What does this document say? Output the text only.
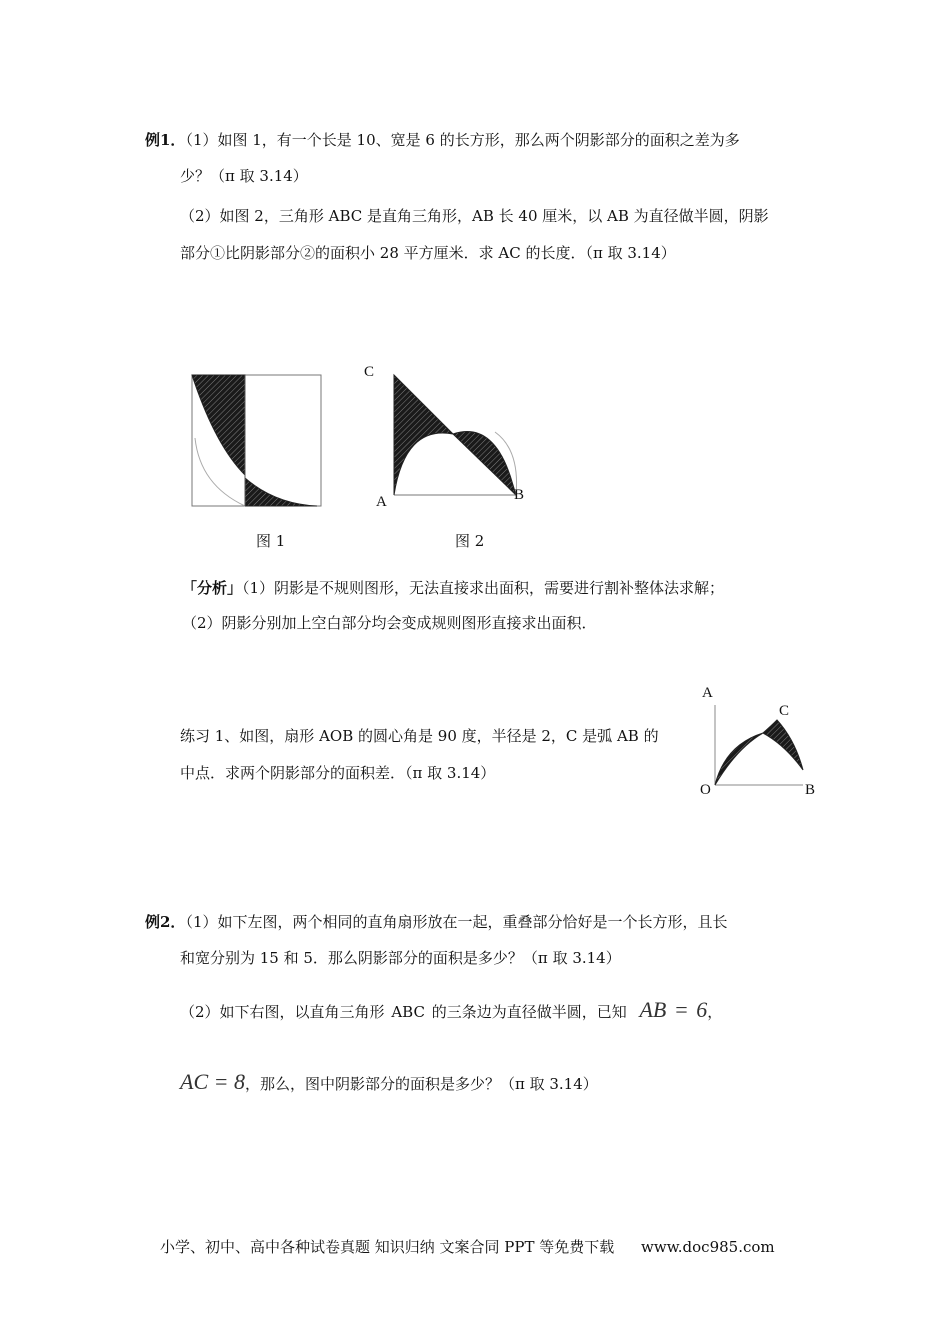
例1．（1）如图 1，有一个长是 10、宽是 6 的长方形，那么两个阴影部分的面积之差为多
少？（π 取 3.14）
（2）如图 2，三角形 ABC 是直角三角形，AB 长 40 厘米，以 AB 为直径做半圆，阴影
部分①比阴影部分②的面积小 28 平方厘米．求 AC 的长度．（π 取 3.14）
图 1
C
A	B
图 2
「分析」（1）阴影是不规则图形，无法直接求出面积，需要进行割补整体法求解；
（2）阴影分别加上空白部分均会变成规则图形直接求出面积．
练习 1、如图，扇形 AOB 的圆心角是 90 度，半径是 2，C 是弧 AB 的
中点．求两个阴影部分的面积差．（π 取 3.14）
A
C
O	B
例2．（1）如下左图，两个相同的直角扇形放在一起，重叠部分恰好是一个长方形，且长
和宽分别为 15 和 5．那么阴影部分的面积是多少？（π 取 3.14）
（2）如下右图，以直角三角形 ABC 的三条边为直径做半圆，已知 AB = 6，
AC = 8，那么，图中阴影部分的面积是多少？（π 取 3.14）
小学、初中、高中各种试卷真题 知识归纳 文案合同 PPT 等免费下载 www.doc985.com
